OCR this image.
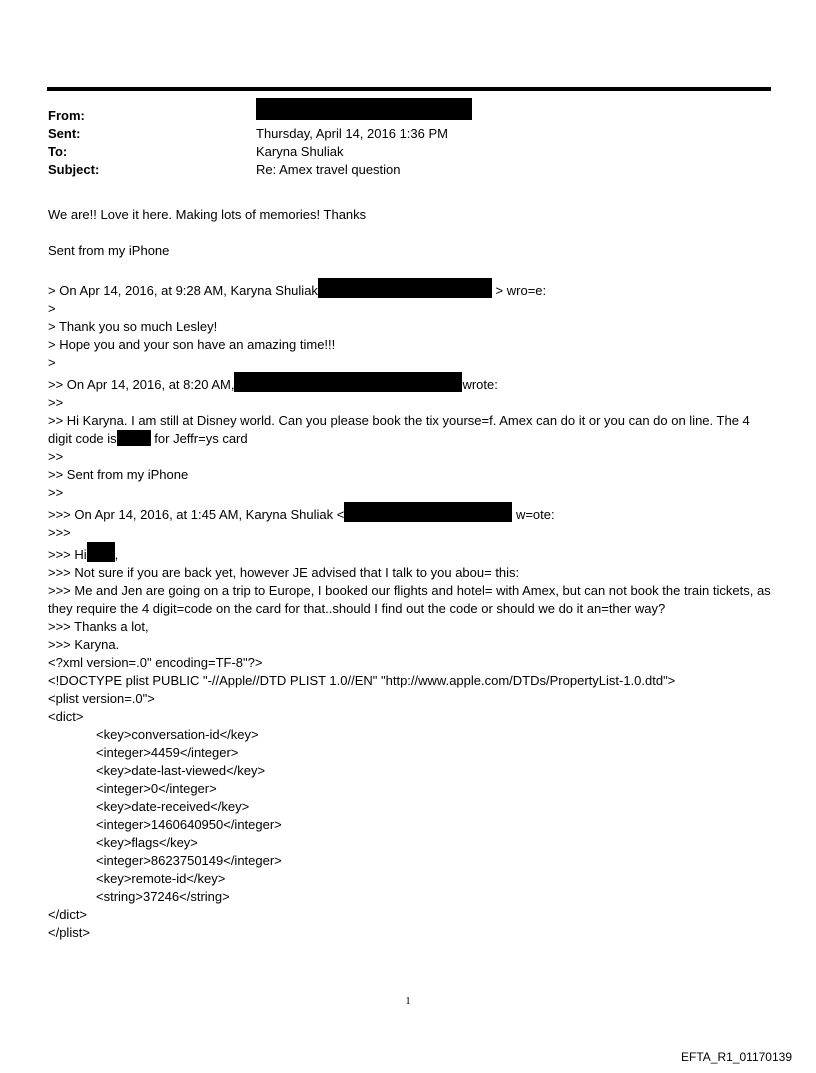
From:
Sent:	Thursday, April 14, 2016 1:36 PM
To:	Karyna Shuliak
Subject:	Re: Amex travel question
We are!! Love it here. Making lots of memories! Thanks
Sent from my iPhone
> On Apr 14, 2016, at 9:28 AM, Karyna Shuliak	> wro=e:
>
> Thank you so much Lesley!
> Hope you and your son have an amazing time!!!
>
>> On Apr 14, 2016, at 8:20 AM,	wrote:
>>
>> Hi Karyna. I am still at Disney world. Can you please book the tix yourse=f. Amex can do it or you can do on line. The 4 digit code is	for Jeffr=ys card
>>
>> Sent from my iPhone
>>
>>> On Apr 14, 2016, at 1:45 AM, Karyna Shuliak <	w=ote:
>>>
>>> Hi ,
>>> Not sure if you are back yet, however JE advised that I talk to you abou= this:
>>> Me and Jen are going on a trip to Europe, I booked our flights and hotel= with Amex, but can not book the train tickets, as they require the 4 digit=code on the card for that..should I find out the code or should we do it an=ther way?
>>> Thanks a lot,
>>> Karyna.
<?xml version=.0" encoding=TF-8"?>
<!DOCTYPE plist PUBLIC "-//Apple//DTD PLIST 1.0//EN" "http://www.apple.com/DTDs/PropertyList-1.0.dtd">
<plist version=.0">
<dict>
<key>conversation-id</key>
<integer>4459</integer>
<key>date-last-viewed</key>
<integer>0</integer>
<key>date-received</key>
<integer>1460640950</integer>
<key>flags</key>
<integer>8623750149</integer>
<key>remote-id</key>
<string>37246</string>
</dict>
</plist>
1
EFTA_R1_01170139
